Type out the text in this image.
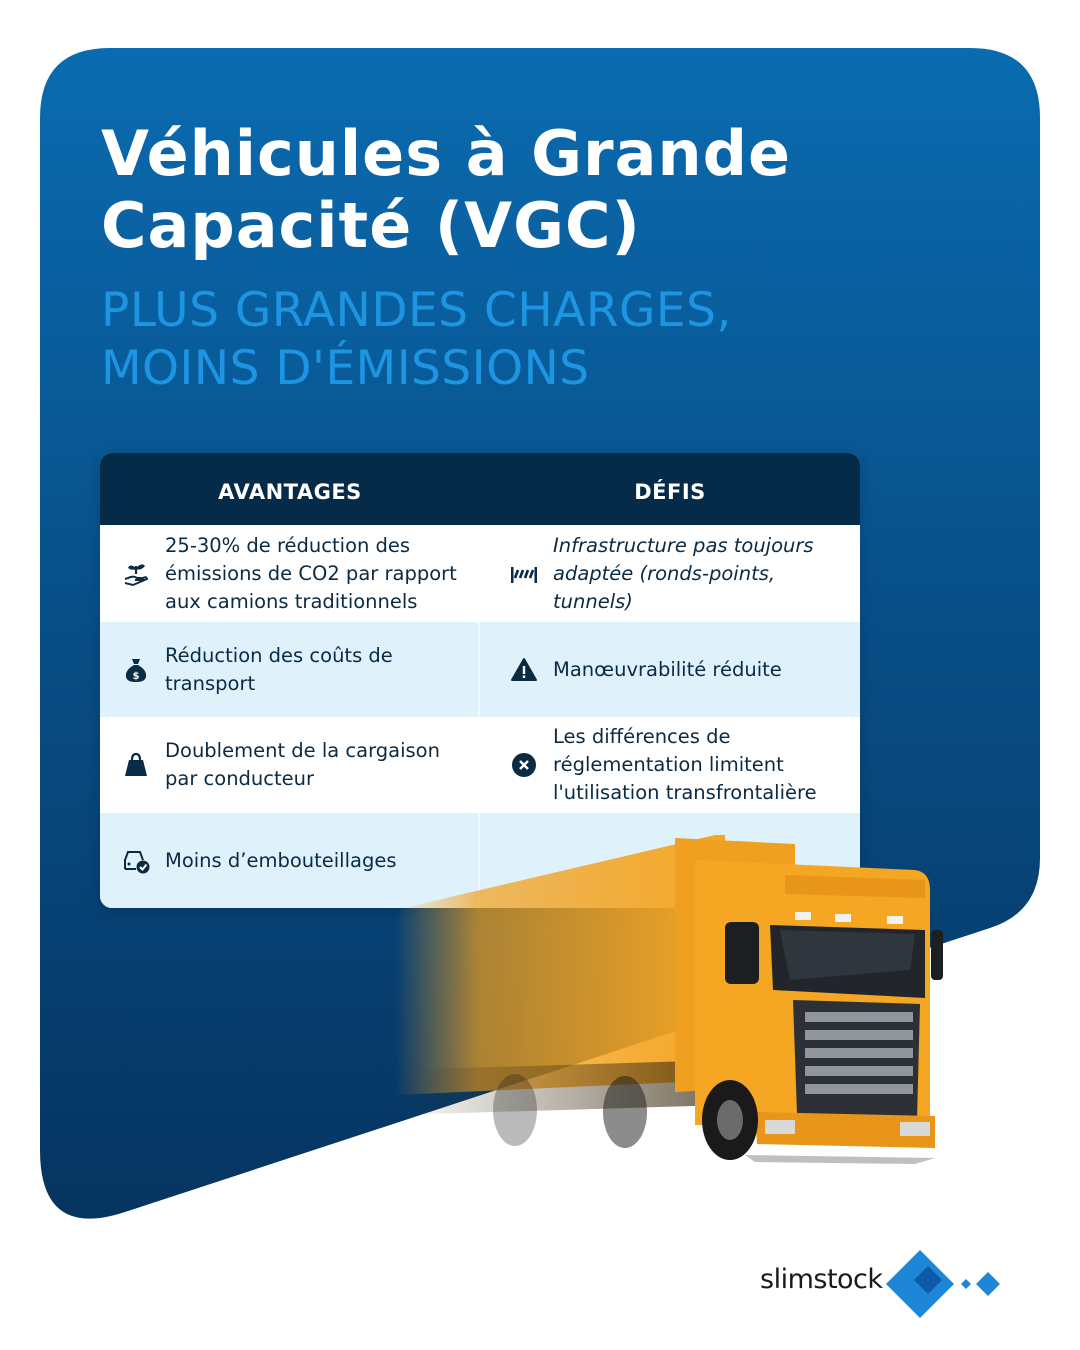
Véhicules à Grande
Capacité (VGC)
PLUS GRANDES CHARGES,
MOINS D'ÉMISSIONS
AVANTAGES	DÉFIS
25-30% de réduction des émissions de CO2 par rapport aux camions traditionnels
Infrastructure pas toujours adaptée (ronds-points, tunnels)
$
Réduction des coûts de transport
Manœuvrabilité réduite
Doublement de la cargaison par conducteur
Les différences de réglementation limitent l'utilisation transfrontalière
Moins d’embouteillages
slimstock
